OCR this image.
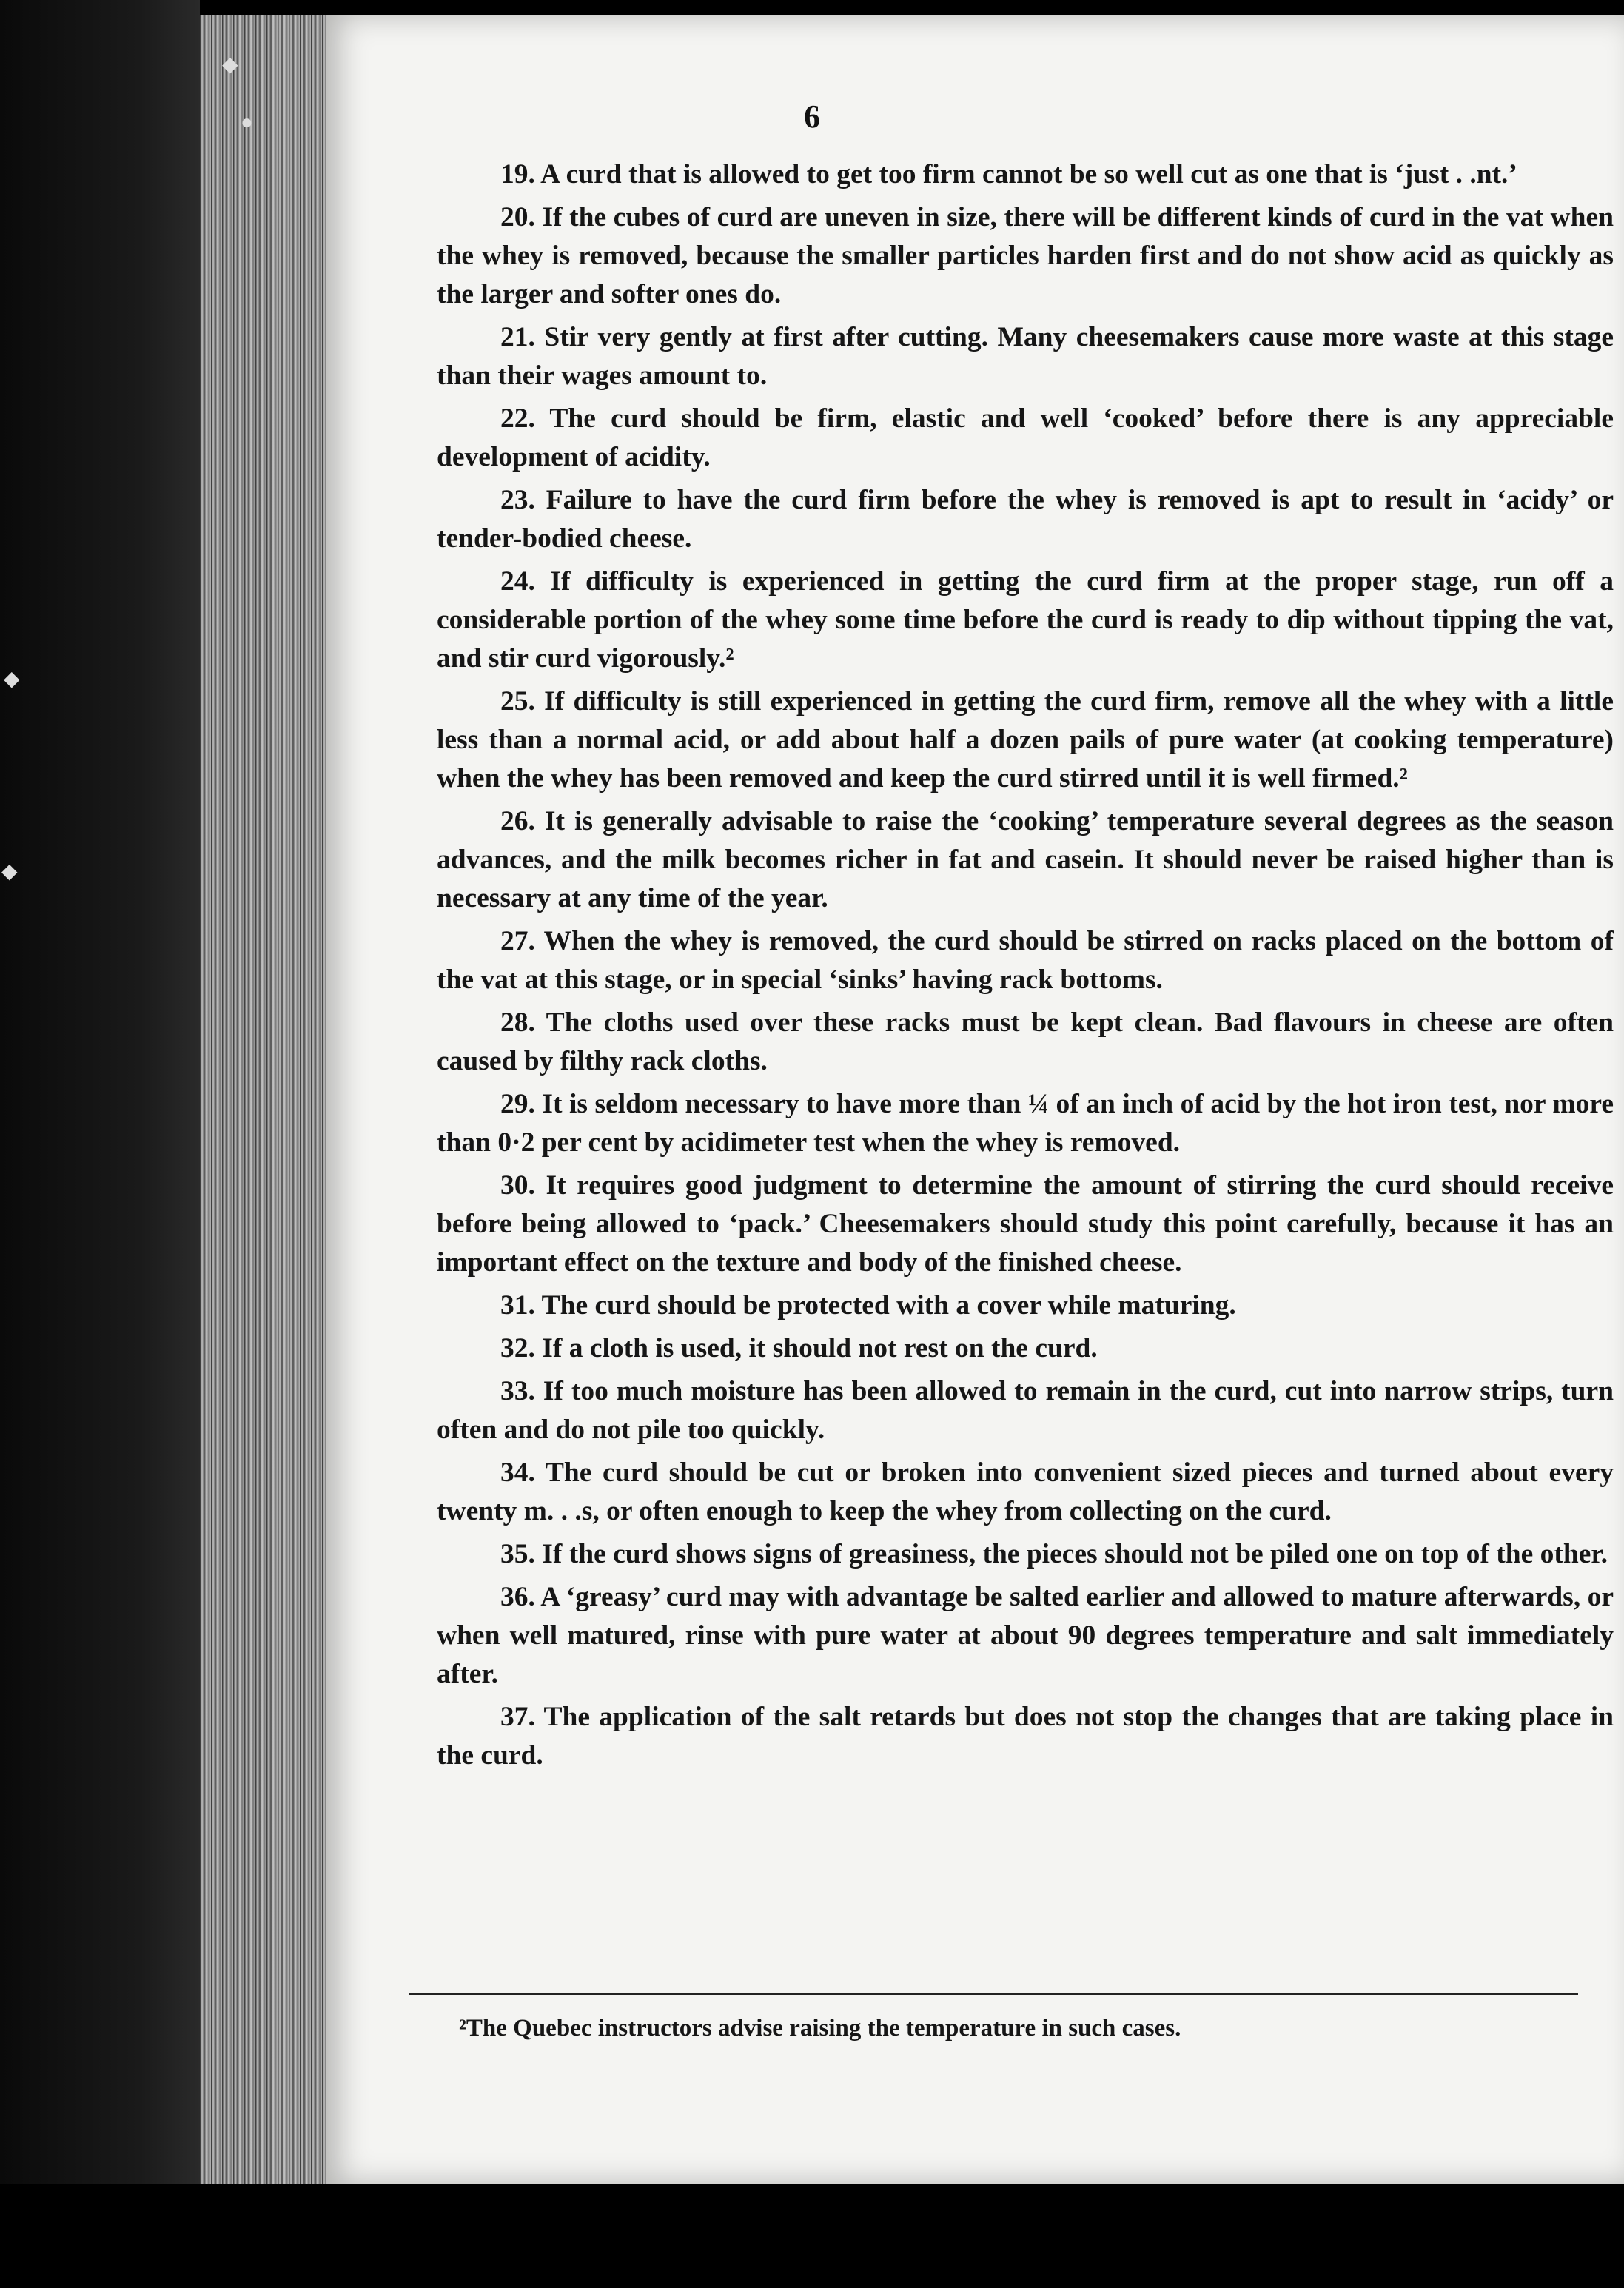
◆
●
◆
◆
6

19. A curd that is allowed to get too firm cannot be so well cut as one that is ‘just . .nt.’

20. If the cubes of curd are uneven in size, there will be different kinds of curd in the vat when the whey is removed, because the smaller particles harden first and do not show acid as quickly as the larger and softer ones do.

21. Stir very gently at first after cutting. Many cheesemakers cause more waste at this stage than their wages amount to.

22. The curd should be firm, elastic and well ‘cooked’ before there is any appreciable development of acidity.

23. Failure to have the curd firm before the whey is removed is apt to result in ‘acidy’ or tender-bodied cheese.

24. If difficulty is experienced in getting the curd firm at the proper stage, run off a considerable portion of the whey some time before the curd is ready to dip without tipping the vat, and stir curd vigorously.²

25. If difficulty is still experienced in getting the curd firm, remove all the whey with a little less than a normal acid, or add about half a dozen pails of pure water (at cooking temperature) when the whey has been removed and keep the curd stirred until it is well firmed.²

26. It is generally advisable to raise the ‘cooking’ temperature several degrees as the season advances, and the milk becomes richer in fat and casein. It should never be raised higher than is necessary at any time of the year.

27. When the whey is removed, the curd should be stirred on racks placed on the bottom of the vat at this stage, or in special ‘sinks’ having rack bottoms.

28. The cloths used over these racks must be kept clean. Bad flavours in cheese are often caused by filthy rack cloths.

29. It is seldom necessary to have more than ¼ of an inch of acid by the hot iron test, nor more than 0·2 per cent by acidimeter test when the whey is removed.

30. It requires good judgment to determine the amount of stirring the curd should receive before being allowed to ‘pack.’ Cheesemakers should study this point carefully, because it has an important effect on the texture and body of the finished cheese.

31. The curd should be protected with a cover while maturing.

32. If a cloth is used, it should not rest on the curd.

33. If too much moisture has been allowed to remain in the curd, cut into narrow strips, turn often and do not pile too quickly.

34. The curd should be cut or broken into convenient sized pieces and turned about every twenty m. . .s, or often enough to keep the whey from collecting on the curd.

35. If the curd shows signs of greasiness, the pieces should not be piled one on top of the other.

36. A ‘greasy’ curd may with advantage be salted earlier and allowed to mature afterwards, or when well matured, rinse with pure water at about 90 degrees temperature and salt immediately after.

37. The application of the salt retards but does not stop the changes that are taking place in the curd.

²The Quebec instructors advise raising the temperature in such cases.
